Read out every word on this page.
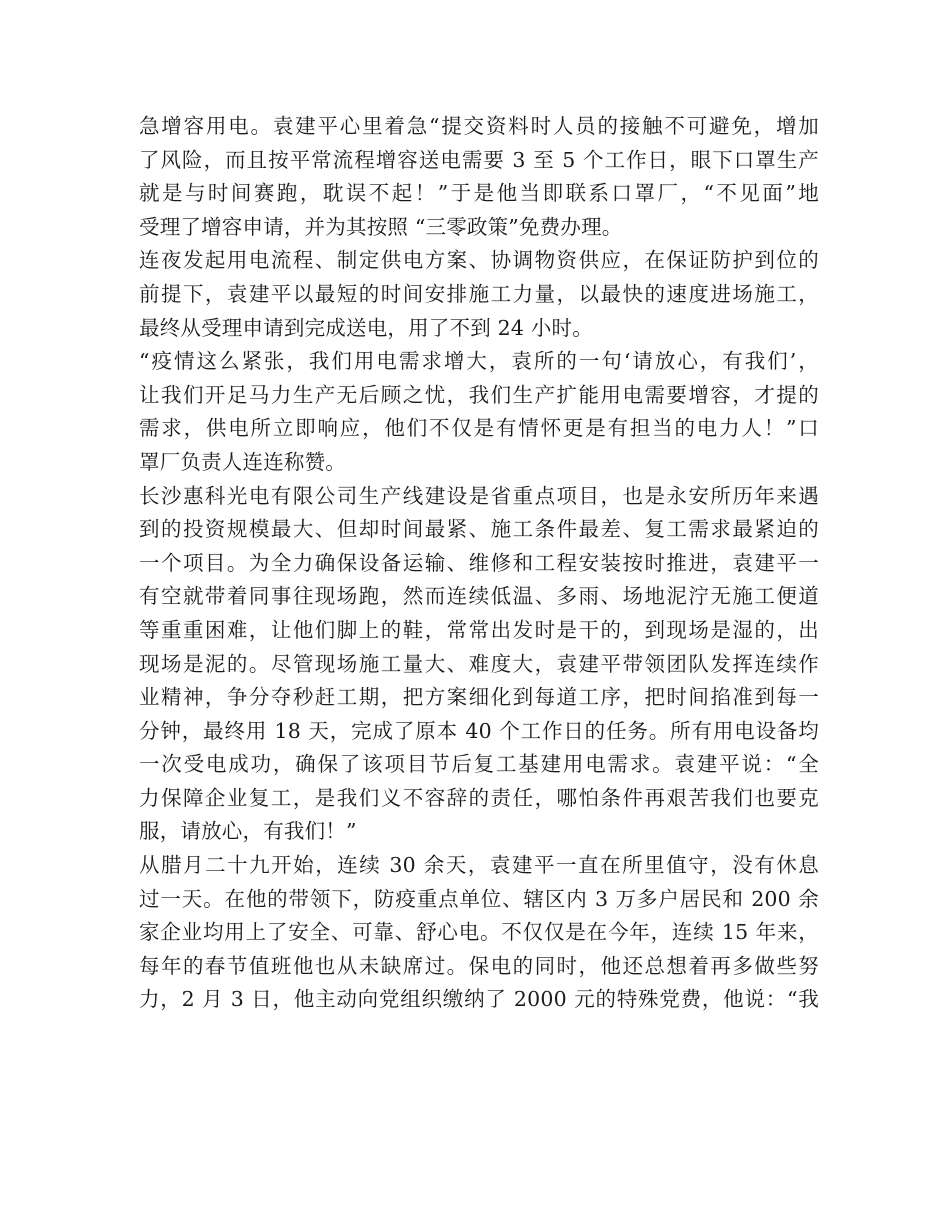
急增容用电。袁建平心里着急“提交资料时人员的接触不可避免，增加
了风险，而且按平常流程增容送电需要 3 至 5 个工作日，眼下口罩生产
就是与时间赛跑，耽误不起！”于是他当即联系口罩厂，“不见面”地
受理了增容申请，并为其按照 “三零政策”免费办理。
连夜发起用电流程、制定供电方案、协调物资供应，在保证防护到位的
前提下，袁建平以最短的时间安排施工力量，以最快的速度进场施工，
最终从受理申请到完成送电，用了不到 24 小时。
“疫情这么紧张，我们用电需求增大，袁所的一句‘请放心，有我们’，
让我们开足马力生产无后顾之忧，我们生产扩能用电需要增容，才提的
需求，供电所立即响应，他们不仅是有情怀更是有担当的电力人！”口
罩厂负责人连连称赞。
长沙惠科光电有限公司生产线建设是省重点项目，也是永安所历年来遇
到的投资规模最大、但却时间最紧、施工条件最差、复工需求最紧迫的
一个项目。为全力确保设备运输、维修和工程安装按时推进，袁建平一
有空就带着同事往现场跑，然而连续低温、多雨、场地泥泞无施工便道
等重重困难，让他们脚上的鞋，常常出发时是干的，到现场是湿的，出
现场是泥的。尽管现场施工量大、难度大，袁建平带领团队发挥连续作
业精神，争分夺秒赶工期，把方案细化到每道工序，把时间掐准到每一
分钟，最终用 18 天，完成了原本 40 个工作日的任务。所有用电设备均
一次受电成功，确保了该项目节后复工基建用电需求。袁建平说：“全
力保障企业复工，是我们义不容辞的责任，哪怕条件再艰苦我们也要克
服，请放心，有我们！”
从腊月二十九开始，连续 30 余天，袁建平一直在所里值守，没有休息
过一天。在他的带领下，防疫重点单位、辖区内 3 万多户居民和 200 余
家企业均用上了安全、可靠、舒心电。不仅仅是在今年，连续 15 年来，
每年的春节值班他也从未缺席过。保电的同时，他还总想着再多做些努
力，2 月 3 日，他主动向党组织缴纳了 2000 元的特殊党费，他说：“我
